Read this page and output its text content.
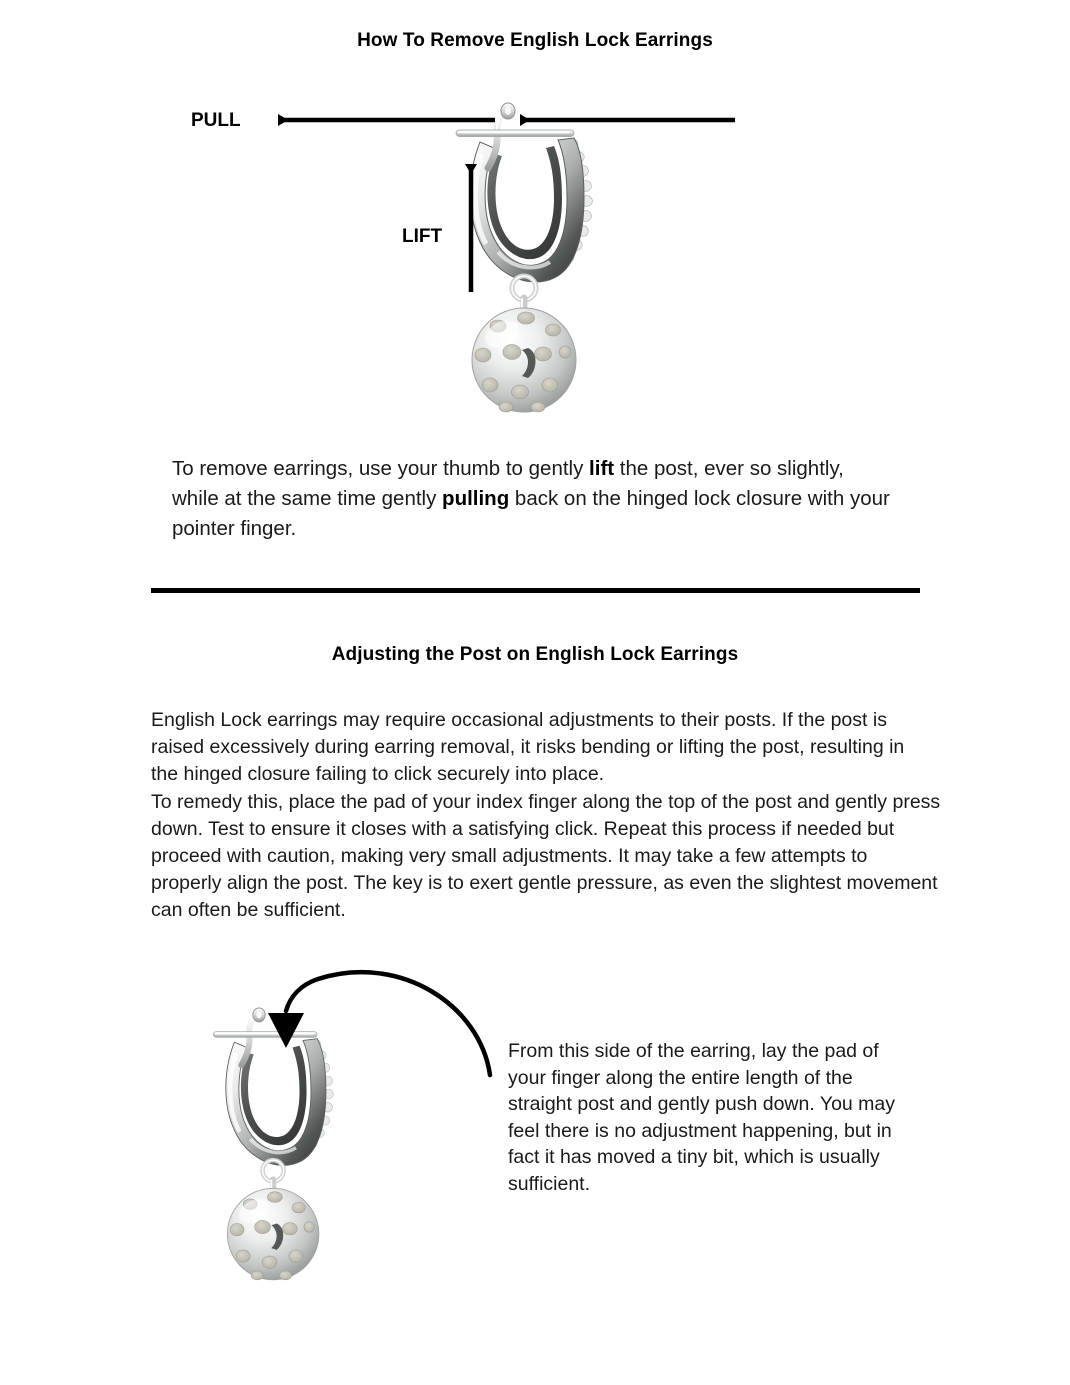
How To Remove English Lock Earrings
PULL
LIFT
To remove earrings, use your thumb to gently lift the post, ever so slightly, while at the same time gently pulling back on the hinged lock closure with your pointer finger.
Adjusting the Post on English Lock Earrings
English Lock earrings may require occasional adjustments to their posts. If the post is raised excessively during earring removal, it risks bending or lifting the post, resulting in the hinged closure failing to click securely into place.
To remedy this, place the pad of your index finger along the top of the post and gently press down. Test to ensure it closes with a satisfying click. Repeat this process if needed but proceed with caution, making very small adjustments. It may take a few attempts to properly align the post. The key is to exert gentle pressure, as even the slightest movement can often be sufficient.
From this side of the earring, lay the pad of your finger along the entire length of the straight post and gently push down. You may feel there is no adjustment happening, but in fact it has moved a tiny bit, which is usually sufficient.
